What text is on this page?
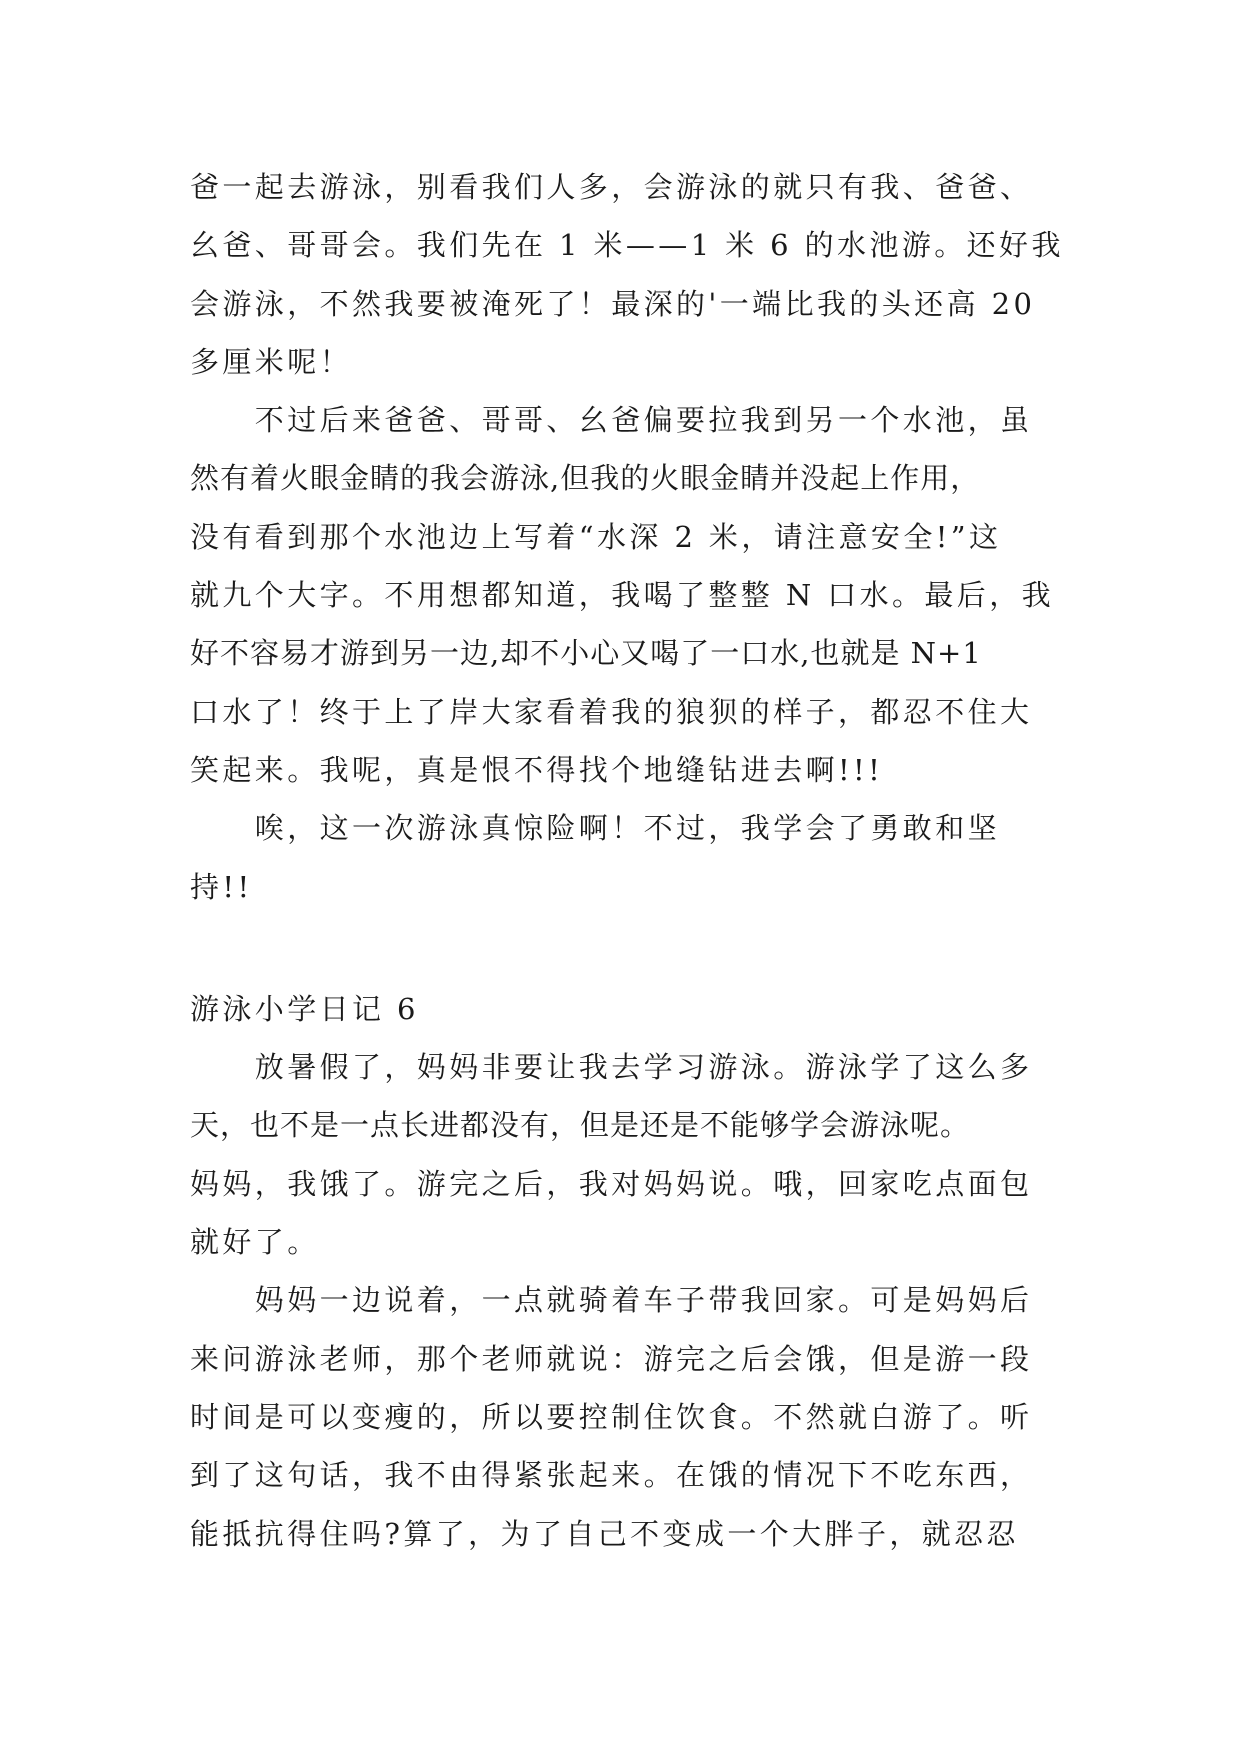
爸一起去游泳，别看我们人多，会游泳的就只有我、爸爸、
幺爸、哥哥会。我们先在 1 米——1 米 6 的水池游。还好我
会游泳，不然我要被淹死了！最深的'一端比我的头还高 20
多厘米呢！
　　不过后来爸爸、哥哥、幺爸偏要拉我到另一个水池，虽
然有着火眼金睛的我会游泳,但我的火眼金睛并没起上作用，
没有看到那个水池边上写着“水深 2 米，请注意安全!”这
就九个大字。不用想都知道，我喝了整整 N 口水。最后，我
好不容易才游到另一边,却不小心又喝了一口水,也就是 N+1
口水了！终于上了岸大家看着我的狼狈的样子，都忍不住大
笑起来。我呢，真是恨不得找个地缝钻进去啊!!!
　　唉，这一次游泳真惊险啊！不过，我学会了勇敢和坚
持!!
游泳小学日记 6
　　放暑假了，妈妈非要让我去学习游泳。游泳学了这么多
天，也不是一点长进都没有，但是还是不能够学会游泳呢。
妈妈，我饿了。游完之后，我对妈妈说。哦，回家吃点面包
就好了。
　　妈妈一边说着，一点就骑着车子带我回家。可是妈妈后
来问游泳老师，那个老师就说：游完之后会饿，但是游一段
时间是可以变瘦的，所以要控制住饮食。不然就白游了。听
到了这句话，我不由得紧张起来。在饿的情况下不吃东西，
能抵抗得住吗?算了，为了自己不变成一个大胖子，就忍忍
